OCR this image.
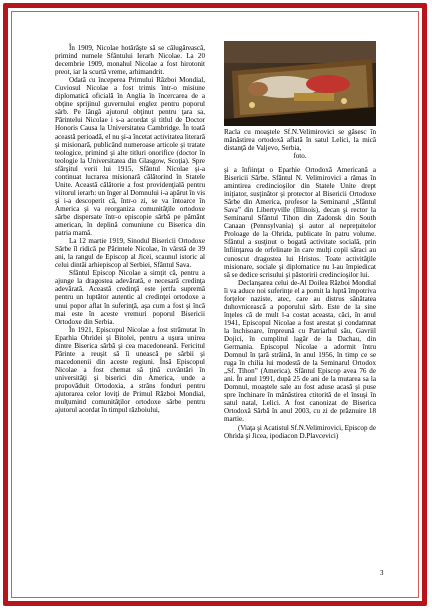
În 1909, Nicolae hotărăşte să se călugărească, primind numele Sfântului Ierarh Nicolae. La 20 decembrie 1909, monahul Nicolae a fost hirotonit preot, iar la scurtă vreme, arhimandrit.

Odată cu începerea Primului Război Mondial, Cuviosul Nicolae a fost trimis într-o misiune diplomatică oficială în Anglia în încercarea de a obţine sprijinul guvernului englez pentru poporul sârb. Pe lângă ajutorul obţinut pentru ţara sa, Părintelui Nicolae i s-a acordat şi titlul de Doctor Honoris Causa la Universitatea Cambridge. În toată această perioadă, el nu şi-a încetat activitatea literară şi misionară, publicând numeroase articole şi tratate teologice, primind şi alte titluri onorifice (doctor în teologie la Universitatea din Glasgow, Scoţia). Spre sfârşitul verii lui 1915, Sfântul Nicolae şi-a continuat lucrarea misionară călătorind în Statele Unite. Această călătorie a fost providenţială pentru viitorul ierarh: un înger al Domnului i-a apărut în vis şi i-a descoperit că, într-o zi, se va întoarce în America şi va reorganiza comunităţile ortodoxe sârbe dispersate într-o episcopie sârbă pe pământ american, în deplină comuniune cu Biserica din patria mamă.

La 12 martie 1919, Sinodul Bisericii Ortodoxe Sârbe îl ridică pe Părintele Nicolae, în vârstă de 39 ani, la rangul de Episcop al Jicei, scaunul istoric al celui dintâi arhiepiscop al Serbiei, Sfântul Sava.

Sfântul Episcop Nicolae a simţit că, pentru a ajunge la dragostea adevărată, e necesară credinţa adevărată. Această credinţă este jertfa supremă pentru un luptător autentic al credinţei ortodoxe a unui popor aflat în suferinţă, aşa cum a fost şi încă mai este în aceste vremuri poporul Bisericii Ortodoxe din Serbia.

În 1921, Episcopul Nicolae a fost strămutat în Eparhia Ohridei şi Bitolei, pentru a uşura unirea dintre Biserica sârbă şi cea macedoneană. Fericitul Părinte a reuşit să îi unească pe sârbii şi macedonenii din aceste regiuni. Însă Episcopul Nicolae a fost chemat să ţină cuvântări în universităţi şi biserici din America, unde a propovăduit Ortodoxia, a strâns fonduri pentru ajutorarea celor loviţi de Primul Război Mondial, mulţumind comunităţilor ortodoxe sârbe pentru ajutorul acordat în timpul războiului,

Racla cu moaştele Sf.N.Velimirovici se găsesc în mănăstirea ortodoxă aflată în satul Lelici, la mică distanţă de Valjevo, Serbia,
foto.

şi a înfiinţat o Eparhie Ortodoxă Americană a Bisericii Sârbe. Sfântul N. Velimirovici a rămas în amintirea credincioşilor din Statele Unite drept iniţiator, susţinător şi protector al Bisericii Ortodoxe Sârbe din America, profesor la Seminarul „Sfântul Sava” din Libertyville (Illinois), decan şi rector la Seminarul Sfântul Tihon din Zadonsk din South Canaan (Pennsylvania) şi autor al nepreţuitelor Proloage de la Ohrida, publicate în patru volume. Sfântul a susţinut o bogată activitate socială, prin înfiinţarea de orfelinate în care mulţi copii săraci au cunoscut dragostea lui Hristos. Toate activităţile misionare, sociale şi diplomatice nu l-au împiedicat să se dedice scrisului şi păstoririi credincioşilor lui.

Declanşarea celui de-Al Doilea Război Mondial îi va aduce noi suferinţe el a pornit la luptă împotriva forţelor naziste, atec, care au distrus sănătatea duhovnicească a poporului sârb. Este de la sine înţeles că de mult l-a costat aceasta, căci, în anul 1941, Episcopul Nicolae a fost arestat şi condamnat la închisoare, împreună cu Patriarhul său, Gavriil Dojici, în cumplitul lagăr de la Dachau, din Germania. Episcopul Nicolae a adormit întru Domnul în ţară străină, în anul 1956, în timp ce se ruga în chilia lui modestă de la Seminarul Ortodox „Sf. Tihon” (America). Sfântul Episcop avea 76 de ani. În anul 1991, după 25 de ani de la mutarea sa la Domnul, moaştele sale au fost aduse acasă şi puse spre închinare în mănăstirea ctitorită de el însuşi în satul natal, Lelici. A fost canonizat de Biserica Ortodoxă Sârbă în anul 2003, cu zi de prăznuire 18 martie.

(Viaţa şi Acatistul Sf.N.Velimirovici, Episcop de Ohrida şi Jicea, ipodiacon D.Plavcevici)

3
